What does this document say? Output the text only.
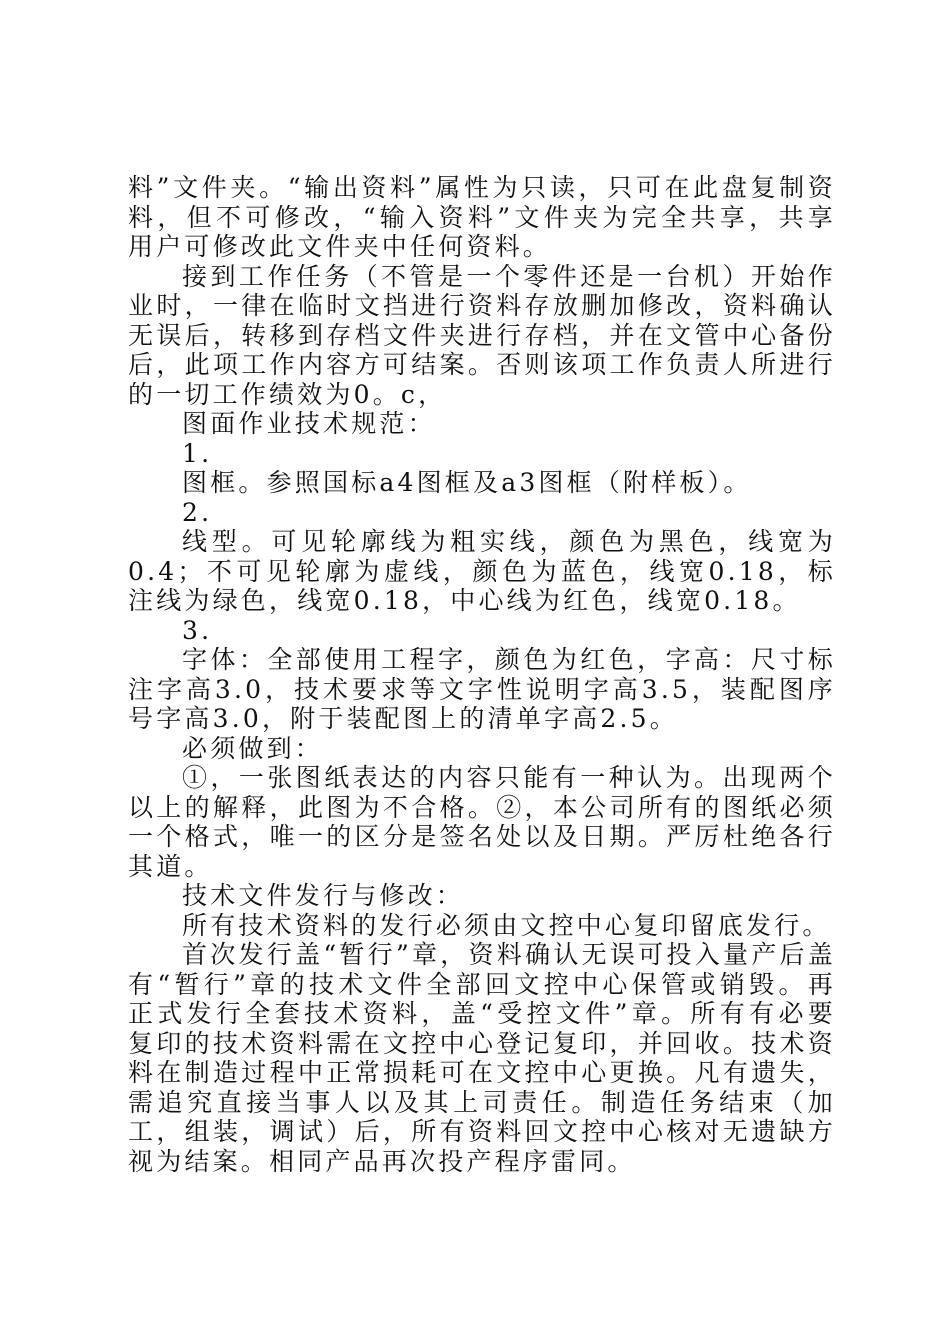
料”文件夹。“输出资料”属性为只读，只可在此盘复制资料，但不可修改，“输入资料”文件夹为完全共享，共享用户可修改此文件夹中任何资料。

接到工作任务（不管是一个零件还是一台机）开始作业时，一律在临时文挡进行资料存放删加修改，资料确认无误后，转移到存档文件夹进行存档，并在文管中心备份后，此项工作内容方可结案。否则该项工作负责人所进行的一切工作绩效为0。c，

图面作业技术规范：

1.

图框。参照国标a4图框及a3图框（附样板）。

2.

线型。可见轮廓线为粗实线，颜色为黑色，线宽为0.4；不可见轮廓为虚线，颜色为蓝色，线宽0.18，标注线为绿色，线宽0.18，中心线为红色，线宽0.18。

3.

字体：全部使用工程字，颜色为红色，字高：尺寸标注字高3.0，技术要求等文字性说明字高3.5，装配图序号字高3.0，附于装配图上的清单字高2.5。

必须做到：

①，一张图纸表达的内容只能有一种认为。出现两个以上的解释，此图为不合格。②，本公司所有的图纸必须一个格式，唯一的区分是签名处以及日期。严厉杜绝各行其道。

技术文件发行与修改：

所有技术资料的发行必须由文控中心复印留底发行。

首次发行盖“暂行”章，资料确认无误可投入量产后盖有“暂行”章的技术文件全部回文控中心保管或销毁。再正式发行全套技术资料，盖“受控文件”章。所有有必要复印的技术资料需在文控中心登记复印，并回收。技术资料在制造过程中正常损耗可在文控中心更换。凡有遗失，需追究直接当事人以及其上司责任。制造任务结束（加工，组装，调试）后，所有资料回文控中心核对无遗缺方视为结案。相同产品再次投产程序雷同。
